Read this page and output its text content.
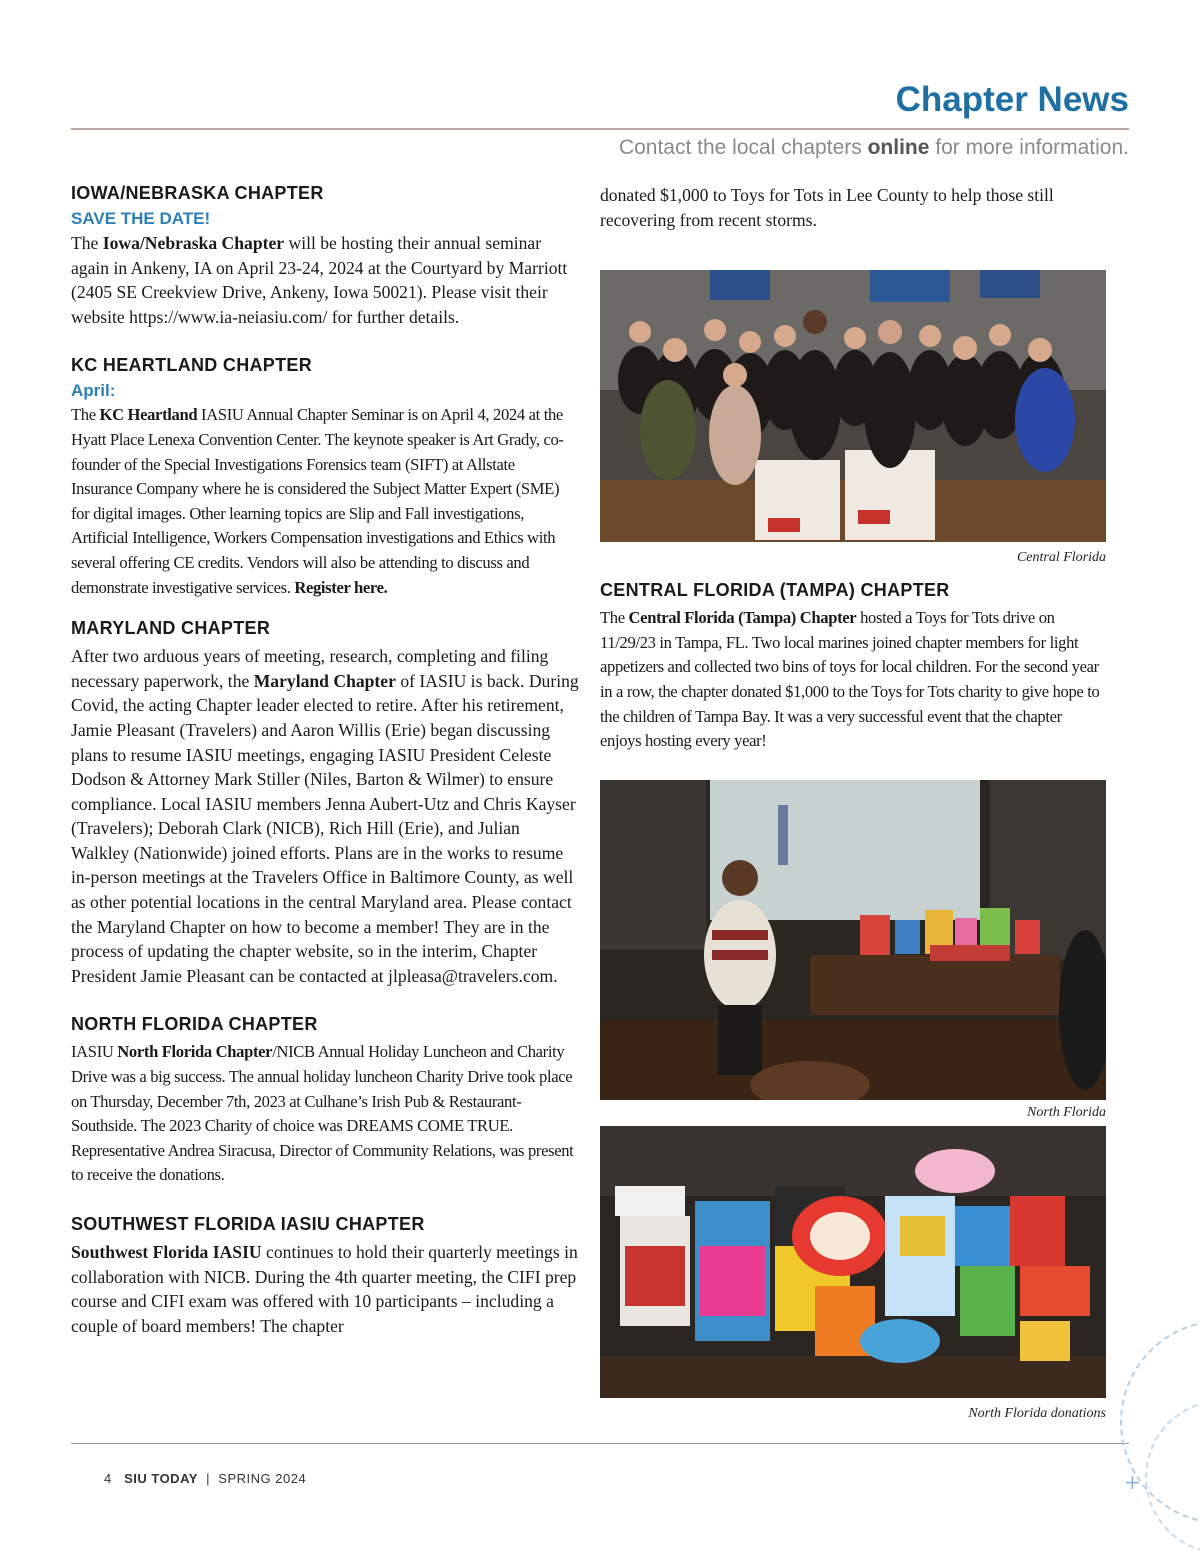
Chapter News
Contact the local chapters online for more information.
IOWA/NEBRASKA CHAPTER
SAVE THE DATE!

The Iowa/Nebraska Chapter will be hosting their annual seminar again in Ankeny, IA on April 23-24, 2024 at the Courtyard by Marriott (2405 SE Creekview Drive, Ankeny, Iowa 50021). Please visit their website https://www.ia-neiasiu.com/ for further details.

KC HEARTLAND CHAPTER
April:

The KC Heartland IASIU Annual Chapter Seminar is on April 4, 2024 at the Hyatt Place Lenexa Convention Center. The keynote speaker is Art Grady, co-founder of the Special Investigations Forensics team (SIFT) at Allstate Insurance Company where he is considered the Subject Matter Expert (SME) for digital images. Other learning topics are Slip and Fall investigations, Artificial Intelligence, Workers Compensation investigations and Ethics with several offering CE credits. Vendors will also be attending to discuss and demonstrate investigative services. Register here.

MARYLAND CHAPTER

After two arduous years of meeting, research, completing and filing necessary paperwork, the Maryland Chapter of IASIU is back. During Covid, the acting Chapter leader elected to retire. After his retirement, Jamie Pleasant (Travelers) and Aaron Willis (Erie) began discussing plans to resume IASIU meetings, engaging IASIU President Celeste Dodson & Attorney Mark Stiller (Niles, Barton & Wilmer) to ensure compliance. Local IASIU members Jenna Aubert-Utz and Chris Kayser (Travelers); Deborah Clark (NICB), Rich Hill (Erie), and Julian Walkley (Nationwide) joined efforts. Plans are in the works to resume in-person meetings at the Travelers Office in Baltimore County, as well as other potential locations in the central Maryland area. Please contact the Maryland Chapter on how to become a member! They are in the process of updating the chapter website, so in the interim, Chapter President Jamie Pleasant can be contacted at jlpleasa@travelers.com.

NORTH FLORIDA CHAPTER

IASIU North Florida Chapter/NICB Annual Holiday Luncheon and Charity Drive was a big success. The annual holiday luncheon Charity Drive took place on Thursday, December 7th, 2023 at Culhane’s Irish Pub & Restaurant-Southside. The 2023 Charity of choice was DREAMS COME TRUE. Representative Andrea Siracusa, Director of Community Relations, was present to receive the donations.

SOUTHWEST FLORIDA IASIU CHAPTER

Southwest Florida IASIU continues to hold their quarterly meetings in collaboration with NICB. During the 4th quarter meeting, the CIFI prep course and CIFI exam was offered with 10 participants – including a couple of board members! The chapter

donated $1,000 to Toys for Tots in Lee County to help those still recovering from recent storms.

Central Florida
CENTRAL FLORIDA (TAMPA) CHAPTER

The Central Florida (Tampa) Chapter hosted a Toys for Tots drive on 11/29/23 in Tampa, FL. Two local marines joined chapter members for light appetizers and collected two bins of toys for local children. For the second year in a row, the chapter donated $1,000 to the Toys for Tots charity to give hope to the children of Tampa Bay. It was a very successful event that the chapter enjoys hosting every year!

North Florida
North Florida donations
4 SIU TODAY | SPRING 2024	+
